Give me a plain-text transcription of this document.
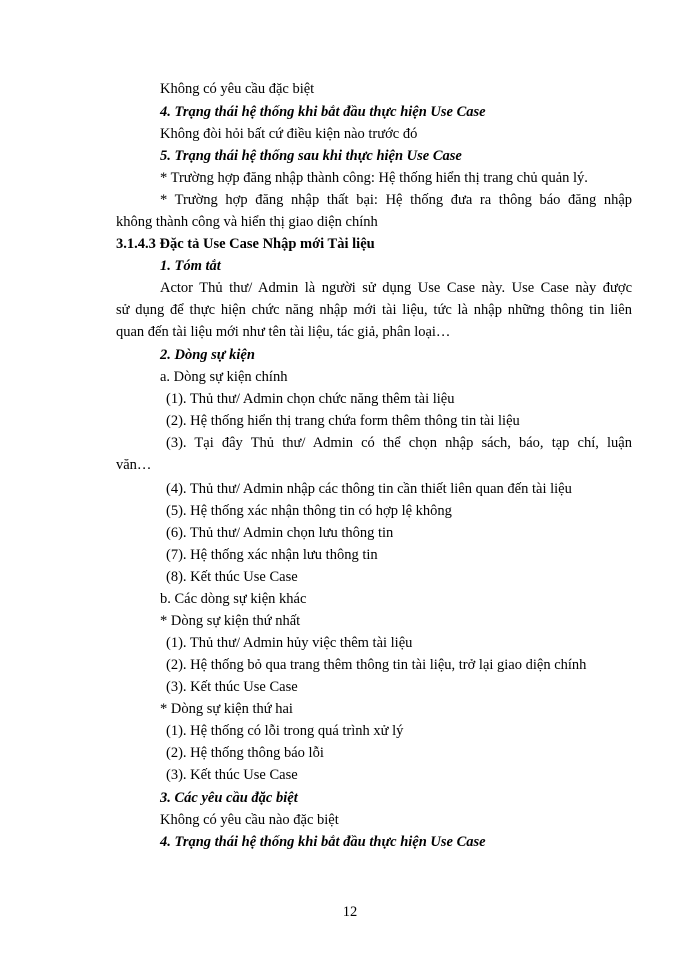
Không có yêu cầu đặc biệt
4. Trạng thái hệ thống khi bắt đầu thực hiện Use Case
Không đòi hỏi bất cứ điều kiện nào trước đó
5. Trạng thái hệ thống sau khi thực hiện Use Case
* Trường hợp đăng nhập thành công: Hệ thống hiển thị trang chủ quản lý.
* Trường hợp đăng nhập thất bại: Hệ thống đưa ra thông báo đăng nhập
không thành công và hiển thị giao diện chính
3.1.4.3 Đặc tả Use Case Nhập mới Tài liệu
1. Tóm tắt
Actor Thủ thư/ Admin là người sử dụng Use Case này. Use Case này được
sử dụng để thực hiện chức năng nhập mới tài liệu, tức là nhập những thông tin liên
quan đến tài liệu mới như tên tài liệu, tác giả, phân loại…
2. Dòng sự kiện
a. Dòng sự kiện chính
(1). Thủ thư/ Admin chọn chức năng thêm tài liệu
(2). Hệ thống hiển thị trang chứa form thêm thông tin tài liệu
(3). Tại đây Thủ thư/ Admin có thể chọn nhập sách, báo, tạp chí, luận
văn…
(4). Thủ thư/ Admin nhập các thông tin cần thiết liên quan đến tài liệu
(5). Hệ thống xác nhận thông tin có hợp lệ không
(6). Thủ thư/ Admin chọn lưu thông tin
(7). Hệ thống xác nhận lưu thông tin
(8). Kết thúc Use Case
b. Các dòng sự kiện khác
* Dòng sự kiện thứ nhất
(1). Thủ thư/ Admin hủy việc thêm tài liệu
(2). Hệ thống bỏ qua trang thêm thông tin tài liệu, trở lại giao diện chính
(3). Kết thúc Use Case
* Dòng sự kiện thứ hai
(1). Hệ thống có lỗi trong quá trình xử lý
(2). Hệ thống thông báo lỗi
(3). Kết thúc Use Case
3. Các yêu cầu đặc biệt
Không có yêu cầu nào đặc biệt
4. Trạng thái hệ thống khi bắt đầu thực hiện Use Case
12
